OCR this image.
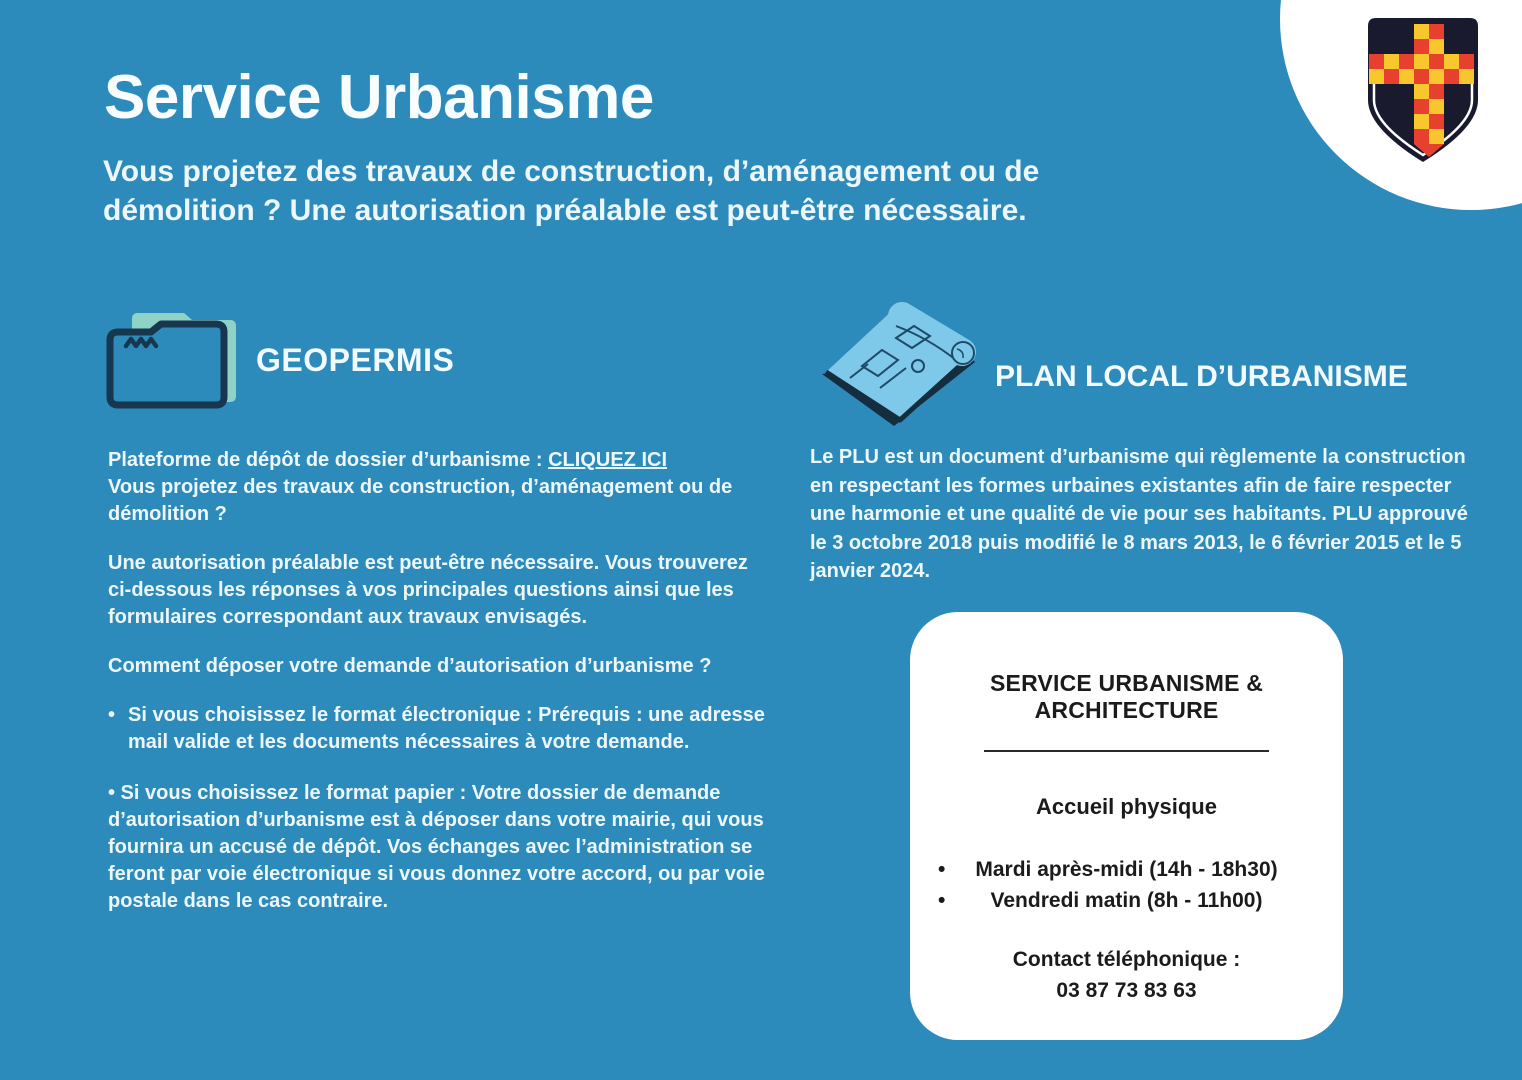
Service Urbanisme
Vous projetez des travaux de construction, d’aménagement ou de démolition ? Une autorisation préalable est peut-être nécessaire.
GEOPERMIS

Plateforme de dépôt de dossier d’urbanisme : CLIQUEZ ICI
Vous projetez des travaux de construction, d’aménagement ou de démolition ?

Une autorisation préalable est peut-être nécessaire. Vous trouverez ci-dessous les réponses à vos principales questions ainsi que les formulaires correspondant aux travaux envisagés.

Comment déposer votre demande d’autorisation d’urbanisme ?

• Si vous choisissez le format électronique : Prérequis : une adresse mail valide et les documents nécessaires à votre demande.

• Si vous choisissez le format papier : Votre dossier de demande d’autorisation d’urbanisme est à déposer dans votre mairie, qui vous fournira un accusé de dépôt. Vos échanges avec l’administration se feront par voie électronique si vous donnez votre accord, ou par voie postale dans le cas contraire.

PLAN LOCAL D’URBANISME
Le PLU est un document d’urbanisme qui règlemente la construction en respectant les formes urbaines existantes afin de faire respecter une harmonie et une qualité de vie pour ses habitants. PLU approuvé le 3 octobre 2018 puis modifié le 8 mars 2013, le 6 février 2015 et le 5 janvier 2024.
SERVICE URBANISME & ARCHITECTURE
Accueil physique
• Mardi après-midi (14h - 18h30)
• Vendredi matin (8h - 11h00)
Contact téléphonique :
03 87 73 83 63
